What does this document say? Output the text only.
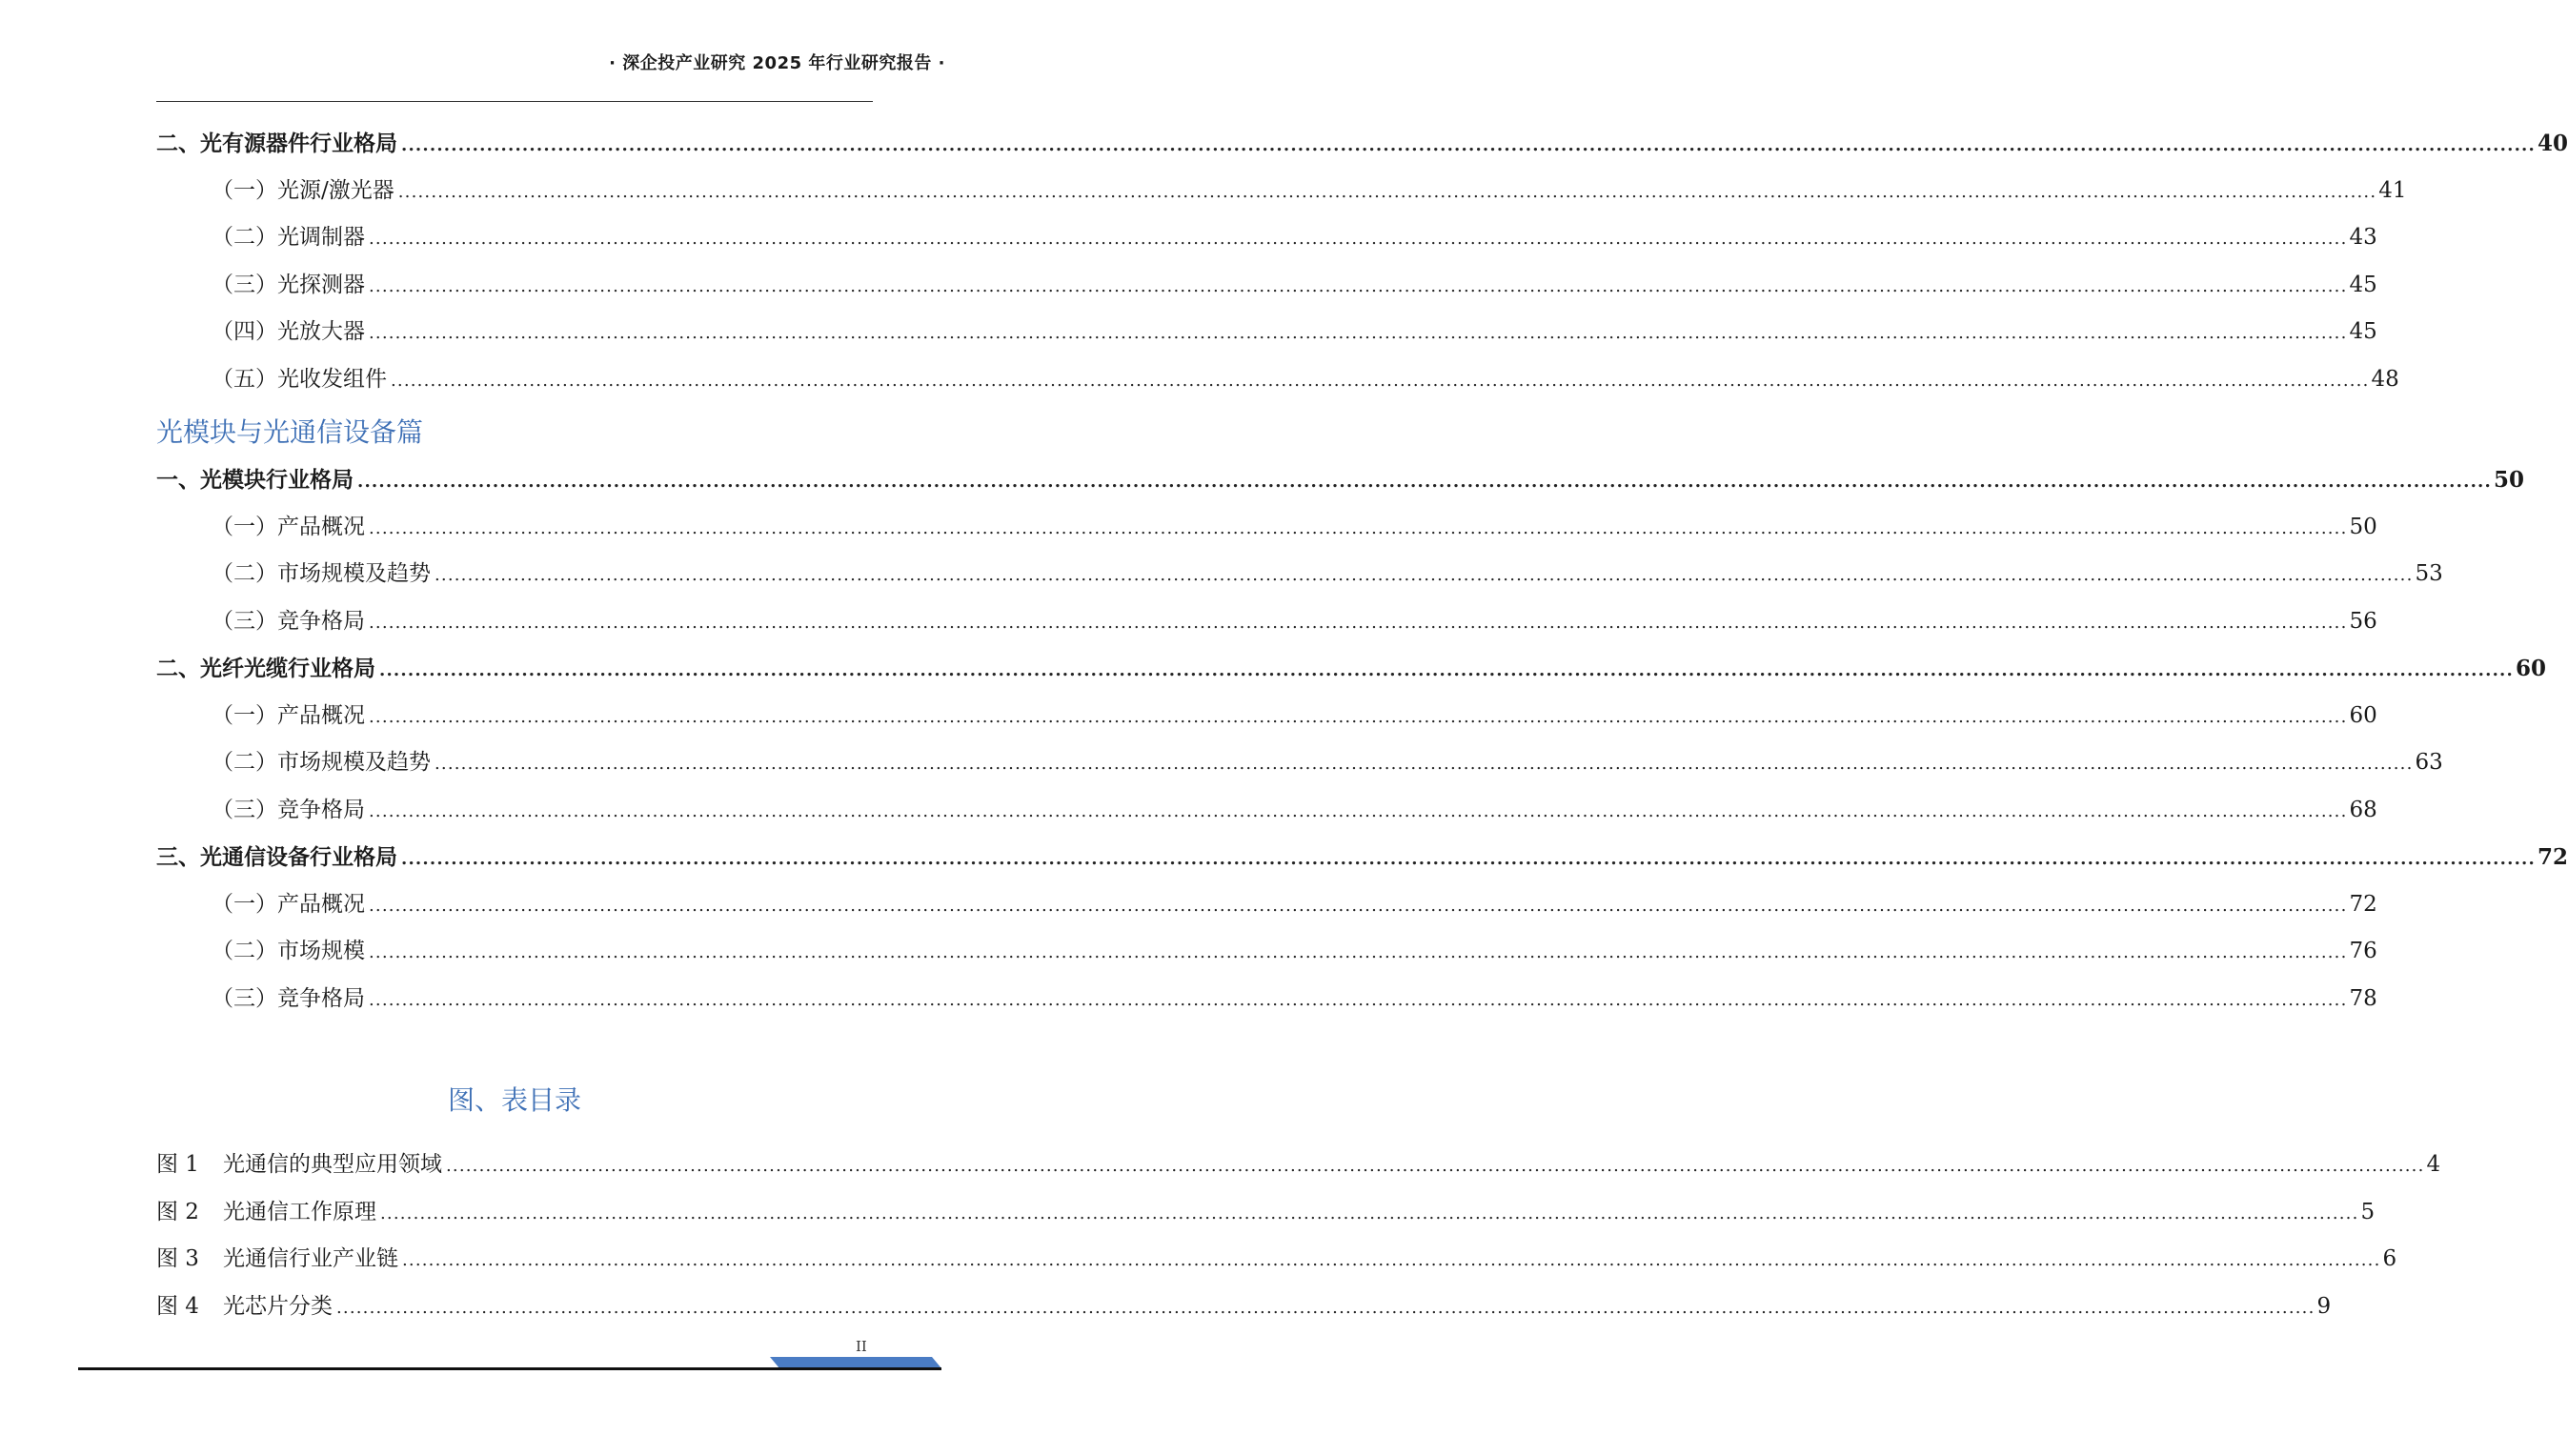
· 深企投产业研究 2025 年行业研究报告 ·
二、光有源器件行业格局 ............................................................................................................................................................................................................................................................................................................ 40
（一）光源/激光器 ............................................................................................................................................................................................................................................................................................................ 41
（二）光调制器 ............................................................................................................................................................................................................................................................................................................ 43
（三）光探测器 ............................................................................................................................................................................................................................................................................................................ 45
（四）光放大器 ............................................................................................................................................................................................................................................................................................................ 45
（五）光收发组件 ............................................................................................................................................................................................................................................................................................................ 48
光模块与光通信设备篇
一、光模块行业格局 ............................................................................................................................................................................................................................................................................................................ 50
（一）产品概况 ............................................................................................................................................................................................................................................................................................................ 50
（二）市场规模及趋势 ............................................................................................................................................................................................................................................................................................................ 53
（三）竞争格局 ............................................................................................................................................................................................................................................................................................................ 56
二、光纤光缆行业格局 ............................................................................................................................................................................................................................................................................................................ 60
（一）产品概况 ............................................................................................................................................................................................................................................................................................................ 60
（二）市场规模及趋势 ............................................................................................................................................................................................................................................................................................................ 63
（三）竞争格局 ............................................................................................................................................................................................................................................................................................................ 68
三、光通信设备行业格局 ............................................................................................................................................................................................................................................................................................................ 72
（一）产品概况 ............................................................................................................................................................................................................................................................................................................ 72
（二）市场规模 ............................................................................................................................................................................................................................................................................................................ 76
（三）竞争格局 ............................................................................................................................................................................................................................................................................................................ 78
图、表目录
图 1	光通信的典型应用领域 ............................................................................................................................................................................................................................................................................................................ 4
图 2	光通信工作原理 ............................................................................................................................................................................................................................................................................................................ 5
图 3	光通信行业产业链 ............................................................................................................................................................................................................................................................................................................ 6
图 4	光芯片分类 ............................................................................................................................................................................................................................................................................................................ 9
II
